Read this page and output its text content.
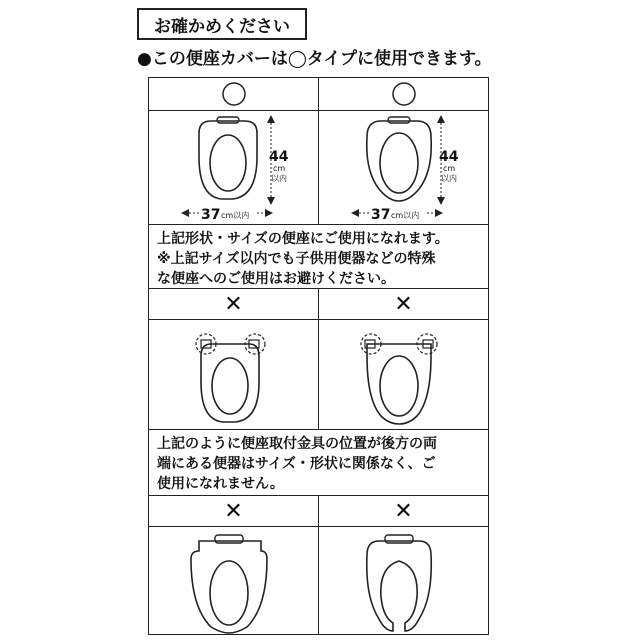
お確かめください
●この便座カバーは◯タイプに使用できます。
44
cm
以内
37 cm以内
44
cm
以内
37 cm以内
上記形状・サイズの便座にご使用になれます。
※上記サイズ以内でも子供用便器などの特殊
な便座へのご使用はお避けください。
✕	✕
上記のように便座取付金具の位置が後方の両
端にある便器はサイズ・形状に関係なく、ご
使用になれません。
✕	✕
